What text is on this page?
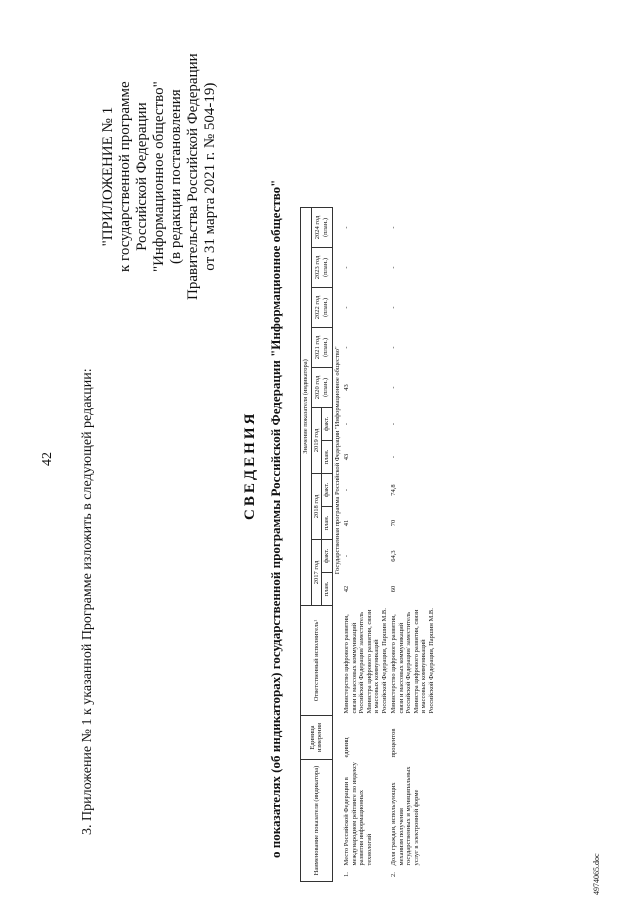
42 3. Приложение № 1 к указанной Программе изложить в следующей редакции:
"ПРИЛОЖЕНИЕ № 1 к государственной программе Российской Федерации "Информационное общество" (в редакции постановления Правительства Российской Федерации от 31 марта 2021 г. № 504-19)
СВЕДЕНИЯ о показателях (об индикаторах) государственной программы Российской Федерации "Информационное общество"
4974065.doc
Наименование показателя (индикатора)		Единица измерения	Ответственный исполнитель¹	Значение показателя (индикатора)											
				2017 год		2018 год		2019 год		2020 год (план.)	2021 год (план.)	2022 год (план.)	2023 год (план.)	2024 год (план.)	
				план.	факт.	план.	факт.	план.	факт.						
Государственная программа Российской Федерации "Информационное общество"															
1.	Место Российской Федерации в международном рейтинге по индексу развития информационных технологий	единиц	Министерство цифрового развития, связи и массовых коммуникаций Российской Федерации/ заместитель Министра цифрового развития, связи и массовых коммуникаций Российской Федерации, Паршин М.В.	42	-	41	-	43	-	43	-	-	-	-	
2.	Доля граждан, использующих механизм получения государственных и муниципальных услуг в электронной форме	процентов	Министерство цифрового развития, связи и массовых коммуникаций Российской Федерации/ заместитель Министра цифрового развития, связи и массовых коммуникаций Российской Федерации, Паршин М.В.	60	64,3	70	74,8	-	-	-	-	-	-	-	
